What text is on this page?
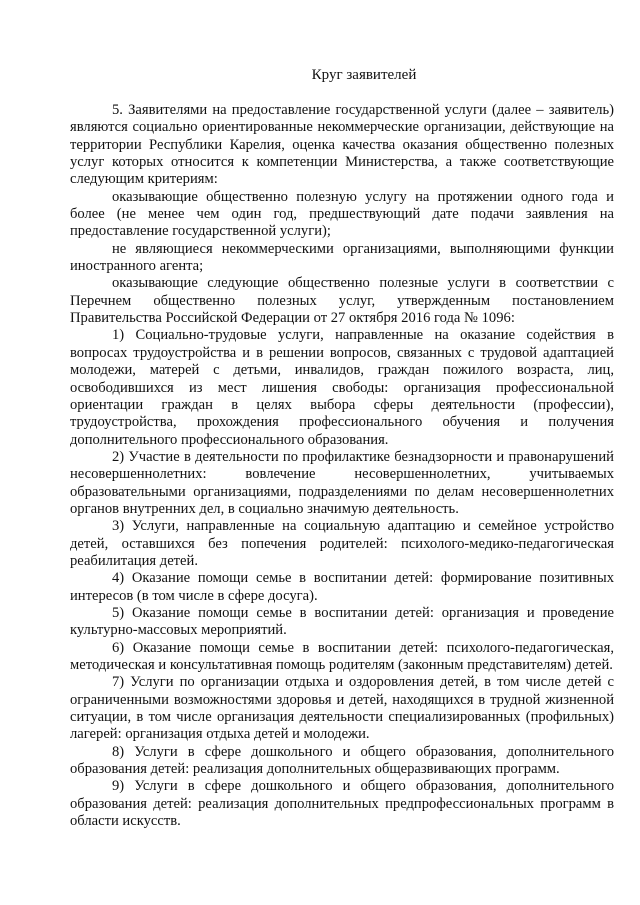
Круг заявителей

5. Заявителями на предоставление государственной услуги (далее – заявитель) являются социально ориентированные некоммерческие организации, действующие на территории Республики Карелия, оценка качества оказания общественно полезных услуг которых относится к компетенции Министерства, а также соответствующие следующим критериям:

оказывающие общественно полезную услугу на протяжении одного года и более (не менее чем один год, предшествующий дате подачи заявления на предоставление государственной услуги);

не являющиеся некоммерческими организациями, выполняющими функции иностранного агента;

оказывающие следующие общественно полезные услуги в соответствии с Перечнем общественно полезных услуг, утвержденным постановлением Правительства Российской Федерации от 27 октября 2016 года № 1096:

1) Социально-трудовые услуги, направленные на оказание содействия в вопросах трудоустройства и в решении вопросов, связанных с трудовой адаптацией молодежи, матерей с детьми, инвалидов, граждан пожилого возраста, лиц, освободившихся из мест лишения свободы: организация профессиональной ориентации граждан в целях выбора сферы деятельности (профессии), трудоустройства, прохождения профессионального обучения и получения дополнительного профессионального образования.

2) Участие в деятельности по профилактике безнадзорности и правонарушений несовершеннолетних: вовлечение несовершеннолетних, учитываемых образовательными организациями, подразделениями по делам несовершеннолетних органов внутренних дел, в социально значимую деятельность.

3) Услуги, направленные на социальную адаптацию и семейное устройство детей, оставшихся без попечения родителей: психолого-медико-педагогическая реабилитация детей.

4) Оказание помощи семье в воспитании детей: формирование позитивных интересов (в том числе в сфере досуга).

5) Оказание помощи семье в воспитании детей: организация и проведение культурно-массовых мероприятий.

6) Оказание помощи семье в воспитании детей: психолого-педагогическая, методическая и консультативная помощь родителям (законным представителям) детей.

7) Услуги по организации отдыха и оздоровления детей, в том числе детей с ограниченными возможностями здоровья и детей, находящихся в трудной жизненной ситуации, в том числе организация деятельности специализированных (профильных) лагерей: организация отдыха детей и молодежи.

8) Услуги в сфере дошкольного и общего образования, дополнительного образования детей: реализация дополнительных общеразвивающих программ.

9) Услуги в сфере дошкольного и общего образования, дополнительного образования детей: реализация дополнительных предпрофессиональных программ в области искусств.
